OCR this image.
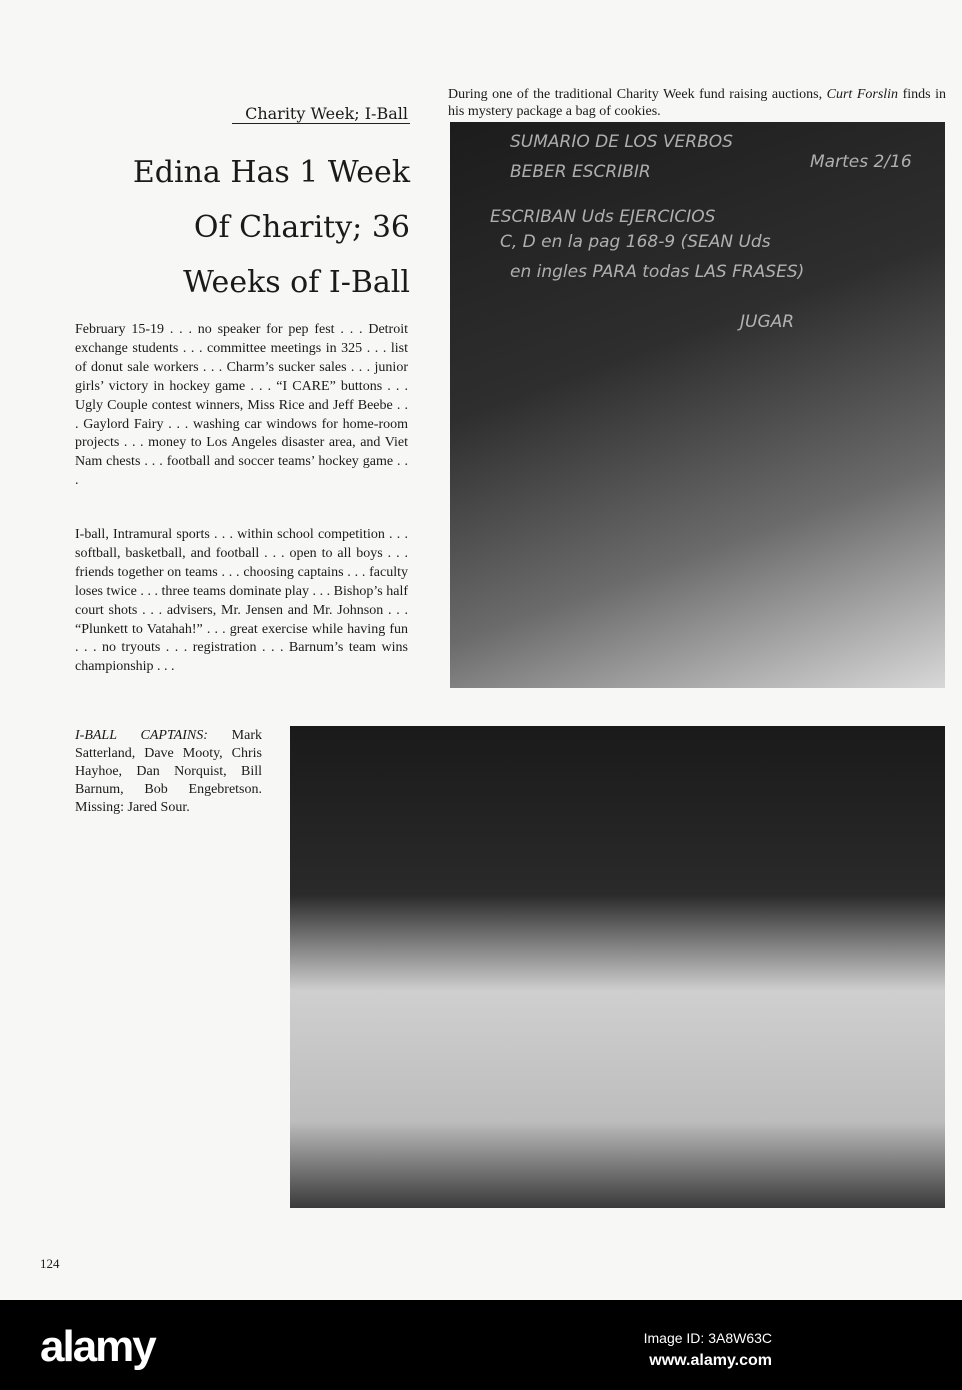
During one of the traditional Charity Week fund raising auctions, Curt Forslin finds in his mystery package a bag of cookies.

Charity Week; I-Ball
Edina Has 1 Week
Of Charity; 36
Weeks of I-Ball

February 15-19 . . . no speaker for pep fest . . . Detroit exchange students . . . committee meetings in 325 . . . list of donut sale workers . . . Charm’s sucker sales . . . junior girls’ victory in hockey game . . . “I CARE” buttons . . . Ugly Couple contest winners, Miss Rice and Jeff Beebe . . . Gaylord Fairy . . . washing car windows for home-room projects . . . money to Los Angeles disaster area, and Viet Nam chests . . . football and soccer teams’ hockey game . . .

I-ball, Intramural sports . . . within school competition . . . softball, basketball, and football . . . open to all boys . . . friends together on teams . . . choosing captains . . . faculty loses twice . . . three teams dominate play . . . Bishop’s half court shots . . . advisers, Mr. Jensen and Mr. Johnson . . . “Plunkett to Vatahah!” . . . great exercise while having fun . . . no tryouts . . . registration . . . Barnum’s team wins championship . . .

SUMARIO DE LOS VERBOS
Martes 2/16
BEBER ESCRIBIR
ESCRIBAN Uds EJERCICIOS
C, D en la pag 168-9 (SEAN Uds
en ingles PARA todas LAS FRASES)
JUGAR

I-BALL CAPTAINS: Mark Satterland, Dave Mooty, Chris Hayhoe, Dan Norquist, Bill Barnum, Bob Engebretson. Missing: Jared Sour.

124
alamy	Image ID: 3A8W63C
www.alamy.com
